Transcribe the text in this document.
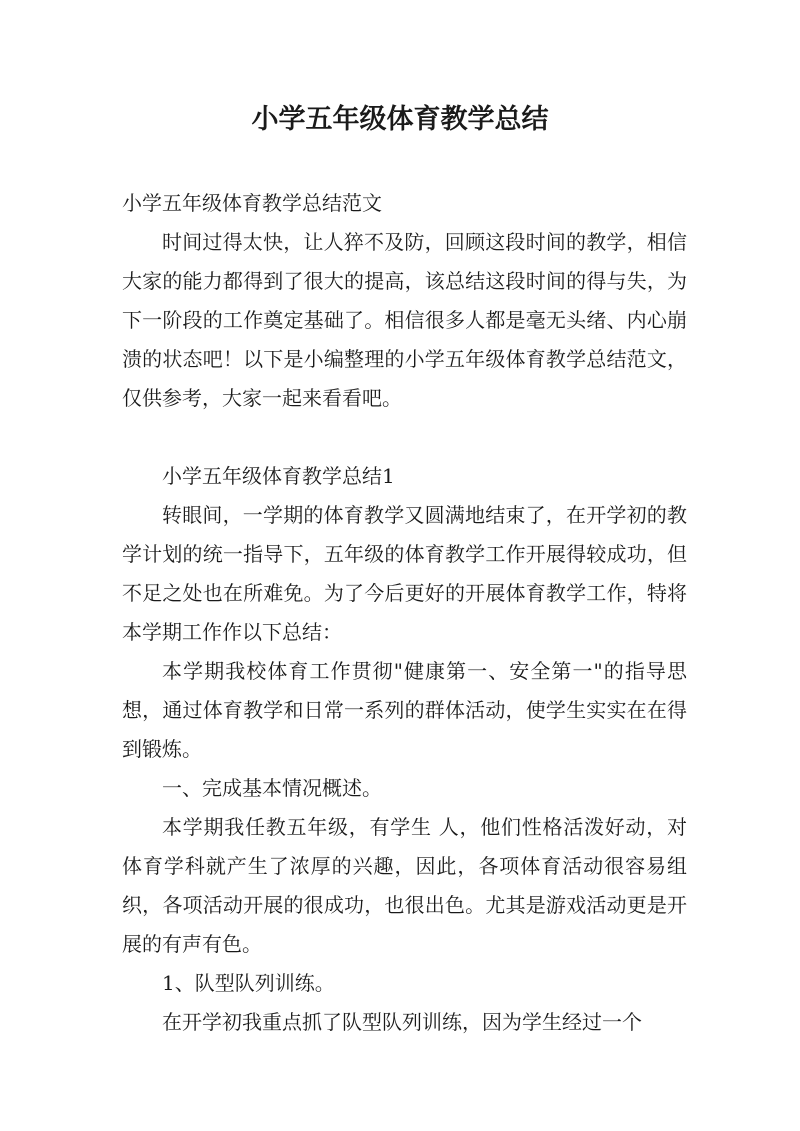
小学五年级体育教学总结

小学五年级体育教学总结范文

时间过得太快，让人猝不及防，回顾这段时间的教学，相信大家的能力都得到了很大的提高，该总结这段时间的得与失，为下一阶段的工作奠定基础了。相信很多人都是毫无头绪、内心崩溃的状态吧！以下是小编整理的小学五年级体育教学总结范文，仅供参考，大家一起来看看吧。

小学五年级体育教学总结1

转眼间，一学期的体育教学又圆满地结束了，在开学初的教学计划的统一指导下，五年级的体育教学工作开展得较成功，但不足之处也在所难免。为了今后更好的开展体育教学工作，特将本学期工作作以下总结：

本学期我校体育工作贯彻"健康第一、安全第一"的指导思想，通过体育教学和日常一系列的群体活动，使学生实实在在得到锻炼。

一、完成基本情况概述。

本学期我任教五年级，有学生 人，他们性格活泼好动，对体育学科就产生了浓厚的兴趣，因此，各项体育活动很容易组织，各项活动开展的很成功，也很出色。尤其是游戏活动更是开展的有声有色。

1、队型队列训练。

在开学初我重点抓了队型队列训练，因为学生经过一个
